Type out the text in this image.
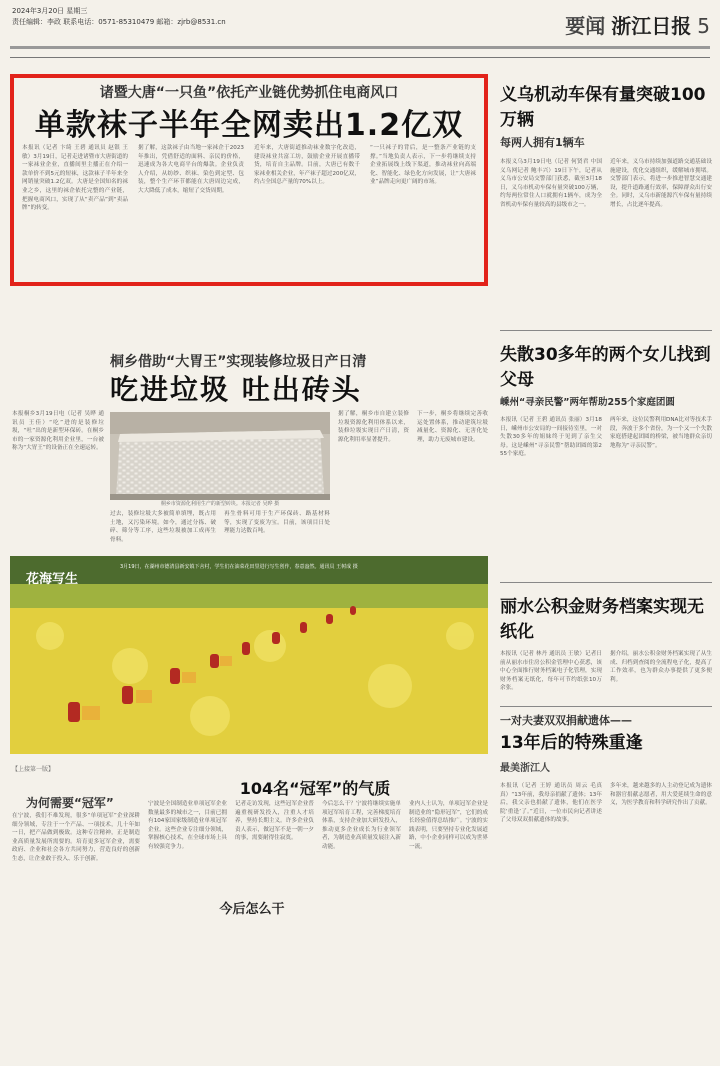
2024年3月20日 星期三
责任编辑：李政 联系电话：0571-85310479 邮箱：zjrb@8531.cn	要闻 浙江日报 5
诸暨大唐“一只鱼”依托产业链优势抓住电商风口
单款袜子半年全网卖出1.2亿双
本报讯（记者 卞绮 王碧 通讯员 赵银 王敏）3月19日，记者走进诸暨市大唐街道的一家袜业企业，直播间里主播正在介绍一款单价不到5元的短袜，这款袜子半年来全网销量突破1.2亿双。大唐是全国知名的袜业之乡，这里的袜企依托完整的产业链，把握电商风口，实现了从“卖产品”到“卖品牌”的转变。
据了解，这款袜子由当地一家袜企于2023年推出，凭借舒适的面料、亲民的价格，迅速成为各大电商平台的爆款。企业负责人介绍，从纺纱、织袜、染色到定型、包装，整个生产环节都能在大唐周边完成，大大降低了成本，缩短了交货周期。
近年来，大唐街道推动袜业数字化改造，建设袜业共富工坊，鼓励企业开展直播带货，培育自主品牌。目前，大唐已有数千家袜业相关企业，年产袜子超过200亿双，约占全国总产量的70%以上。
“一只袜子的背后，是一整条产业链的支撑。”当地负责人表示，下一步将继续支持企业拓展线上线下渠道，推动袜业向高端化、智能化、绿色化方向发展，让“大唐袜业”品牌走向更广阔的市场。
义乌机动车保有量突破100万辆
每两人拥有1辆车
本报义乌3月19日电（记者 何贤君 中国义乌网记者 鲍丰兴）19日下午，记者从义乌市公安局交警部门获悉，截至3月18日，义乌市机动车保有量突破100万辆，约每两位常住人口就拥有1辆车，成为全省机动车保有量较高的县级市之一。
近年来，义乌市持续加强道路交通基础设施建设，优化交通组织，缓解城市拥堵。交警部门表示，将进一步推进智慧交通建设，提升道路通行效率，保障群众出行安全。同时，义乌市新能源汽车保有量持续增长，占比逐年提高。
失散30多年的两个女儿找到父母
嵊州“寻亲民警”两年帮助255个家庭团圆
本报讯（记者 王碧 通讯员 张丽）3月18日，嵊州市公安局的一间接待室里，一对失散30多年的姐妹终于见到了亲生父母。这是嵊州“寻亲民警”帮助团圆的第255个家庭。
两年来，这位民警利用DNA比对等技术手段，奔波于多个省份，为一个又一个失散家庭搭建起团圆的桥梁，被当地群众亲切地称为“寻亲民警”。
丽水公积金财务档案实现无纸化
本报讯（记者 林丹 通讯员 王敏）记者日前从丽水市住房公积金管理中心获悉，该中心全面推行财务档案电子化管理，实现财务档案无纸化，每年可节约纸张10万余张。
据介绍，丽水公积金财务档案实现了从生成、归档到查阅的全流程电子化，提高了工作效率，也为群众办事提供了更多便利。
一对夫妻双双捐献遗体——
13年后的特殊重逢
最美浙江人
本报讯（记者 王婷 通讯员 周云 毛真真）“13年前，我母亲捐献了遗体；13年后，我父亲也捐献了遗体，他们在医学院‘重逢’了。”近日，一位市民向记者讲述了父母双双捐献遗体的故事。
多年来，越来越多的人主动登记成为遗体和器官捐献志愿者，用大爱延续生命的意义，为医学教育和科学研究作出了贡献。
桐乡借助“大胃王”实现装修垃圾日产日清
吃进垃圾 吐出砖头
本报桐乡3月19日电（记者 吴晔 通讯员 王佳）“吃”进的是装修垃圾，“吐”出的是新型环保砖。在桐乡市的一家资源化利用企业里，一台被称为“大胃王”的设备正在全速运转。
桐乡市资源化利用生产的新型砖块。本报记者 吴晔 摄
过去，装修垃圾大多被简单填埋，既占用土地，又污染环境。如今，通过分拣、破碎、筛分等工序，这些垃圾被加工成再生骨料。
再生骨料可用于生产环保砖、路基材料等，实现了变废为宝。目前，该项目日处理能力达数百吨。
据了解，桐乡市自建立装修垃圾资源化利用体系以来，装修垃圾实现日产日清，资源化利用率显著提升。
下一步，桐乡将继续完善收运处置体系，推动建筑垃圾减量化、资源化、无害化处理，助力无废城市建设。
花海写生
3月19日，在湖州市德清县新安镇下舍村，学生们在油菜花田里进行写生创作，春意盎然。通讯员 王树成 摄
【上接第一版】
为何需要“冠军”
在宁波，我们不难发现，很多“单项冠军”企业深耕细分领域，专注于一个产品、一项技术，几十年如一日，把产品做到极致。这种专注精神，正是制造业高质量发展所需要的。培育更多冠军企业，需要政府、企业和社会各方共同努力，营造良好的创新生态，让企业敢于投入、乐于创新。
104名“冠军”的气质
宁波是全国制造业单项冠军企业数量最多的城市之一，目前已拥有104家国家级制造业单项冠军企业。这些企业专注细分领域，掌握核心技术，在全球市场上具有较强竞争力。
记者走访发现，这些冠军企业普遍重视研发投入，注重人才培养，坚持长期主义。许多企业负责人表示，做冠军不是一朝一夕的事，需要耐得住寂寞。
今后怎么干？宁波将继续实施单项冠军培育工程，完善梯度培育体系，支持企业加大研发投入，推动更多企业成长为行业领军者，为制造业高质量发展注入新动能。
业内人士认为，单项冠军企业是制造业的“隐形冠军”，它们的成长经验值得总结推广。宁波的实践表明，只要坚持专业化发展道路，中小企业同样可以成为世界一流。
今后怎么干
